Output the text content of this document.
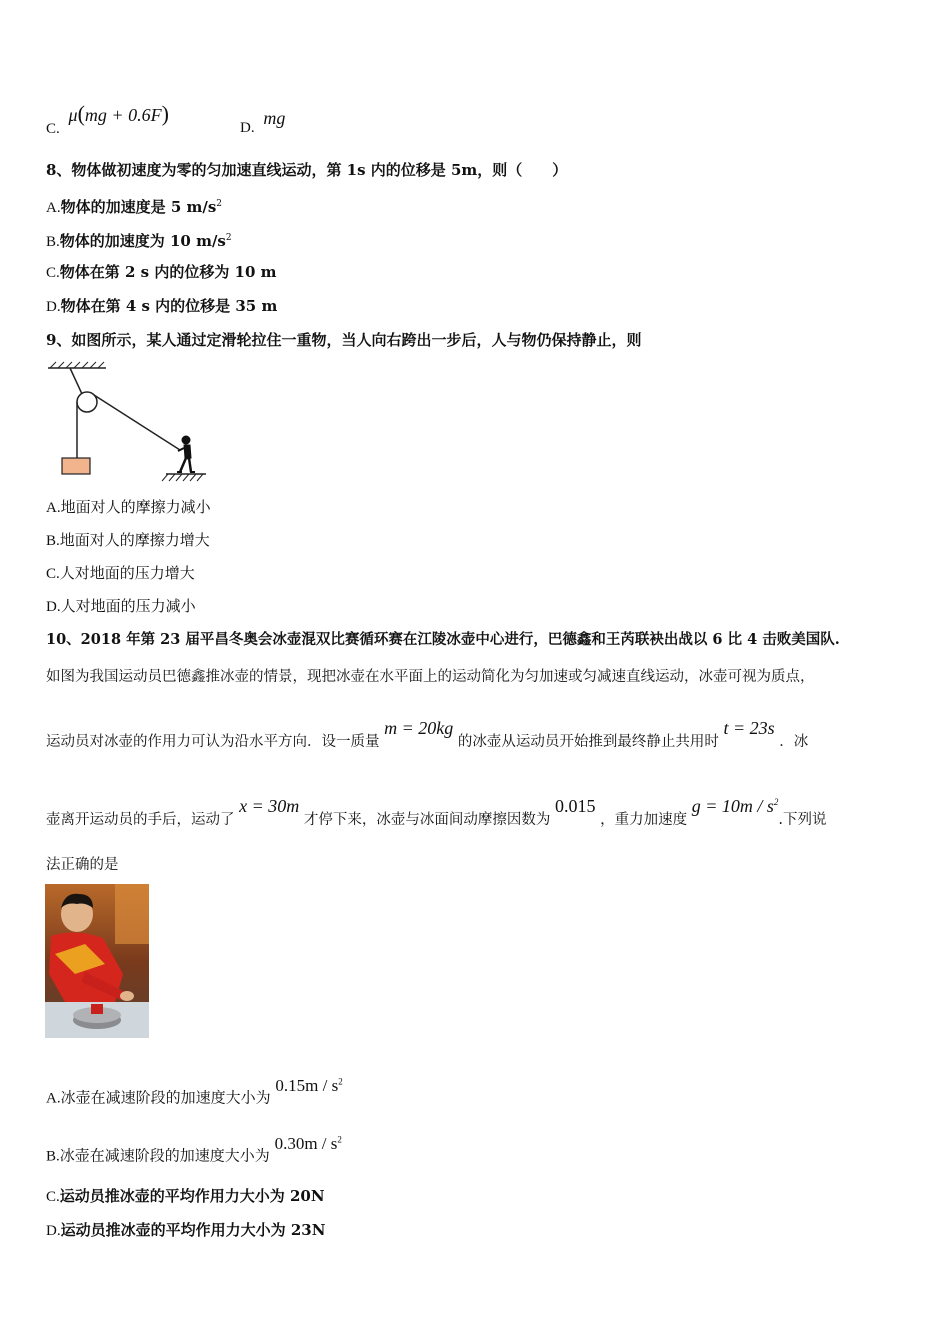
C. μ(mg + 0.6F)
D. mg
8、物体做初速度为零的匀加速直线运动，第 1s 内的位移是 5m，则（　　）
A.物体的加速度是 5 $m/s^2$
B.物体的加速度为 10 $m/s^2$
C.物体在第 2 s 内的位移为 10 m
D.物体在第 4 s 内的位移是 35 m
9、如图所示，某人通过定滑轮拉住一重物，当人向右跨出一步后，人与物仍保持静止，则
A.地面对人的摩擦力减小
B.地面对人的摩擦力增大
C.人对地面的压力增大
D.人对地面的压力减小
10、2018 年第 23 届平昌冬奥会冰壶混双比赛循环赛在江陵冰壶中心进行，巴德鑫和王芮联袂出战以 6 比 4 击败美国队.
如图为我国运动员巴德鑫推冰壶的情景，现把冰壶在水平面上的运动简化为匀加速或匀减速直线运动，冰壶可视为质点，
运动员对冰壶的作用力可认为沿水平方向．设一质量 m = 20kg 的冰壶从运动员开始推到最终静止共用时 t = 23s ．冰
壶离开运动员的手后，运动了 x = 30m 才停下来，冰壶与冰面间动摩擦因数为 0.015 ，重力加速度 $g = 10m / s^2$.下列说
法正确的是
A.冰壶在减速阶段的加速度大小为 $0.15m / s^2$
B.冰壶在减速阶段的加速度大小为 $0.30m / s^2$
C.运动员推冰壶的平均作用力大小为 20N
D.运动员推冰壶的平均作用力大小为 23N
